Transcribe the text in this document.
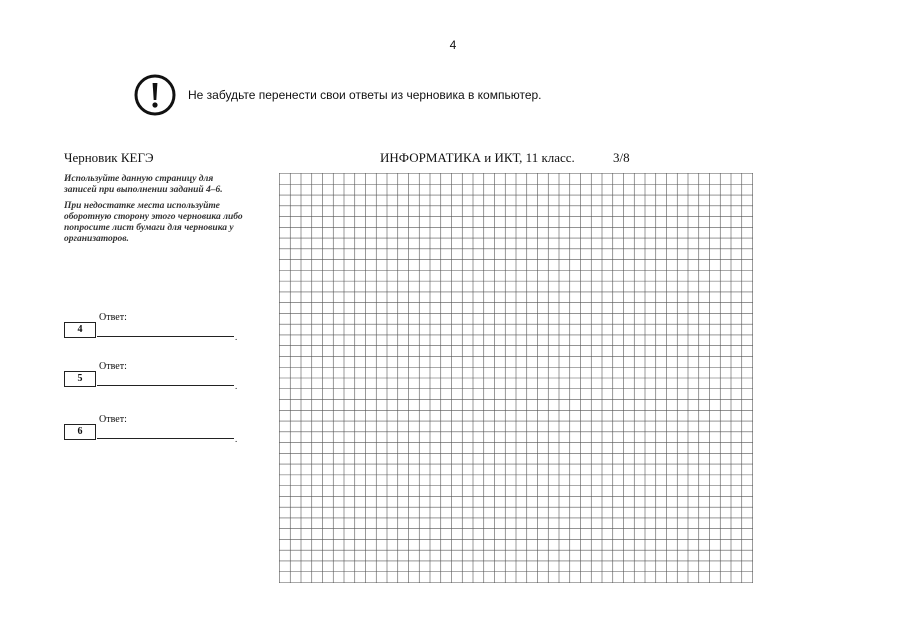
4
Не забудьте перенести свои ответы из черновика в компьютер.
Черновик КЕГЭ	ИНФОРМАТИКА и ИКТ, 11 класс.	3/8

Используйте данную страницу для записей при выполнении заданий 4–6.

При недостатке места используйте оборотную сторону этого черновика либо попросите лист бумаги для черновика у организаторов.

4
Ответ:
.
5
Ответ:
.
6
Ответ:
.
